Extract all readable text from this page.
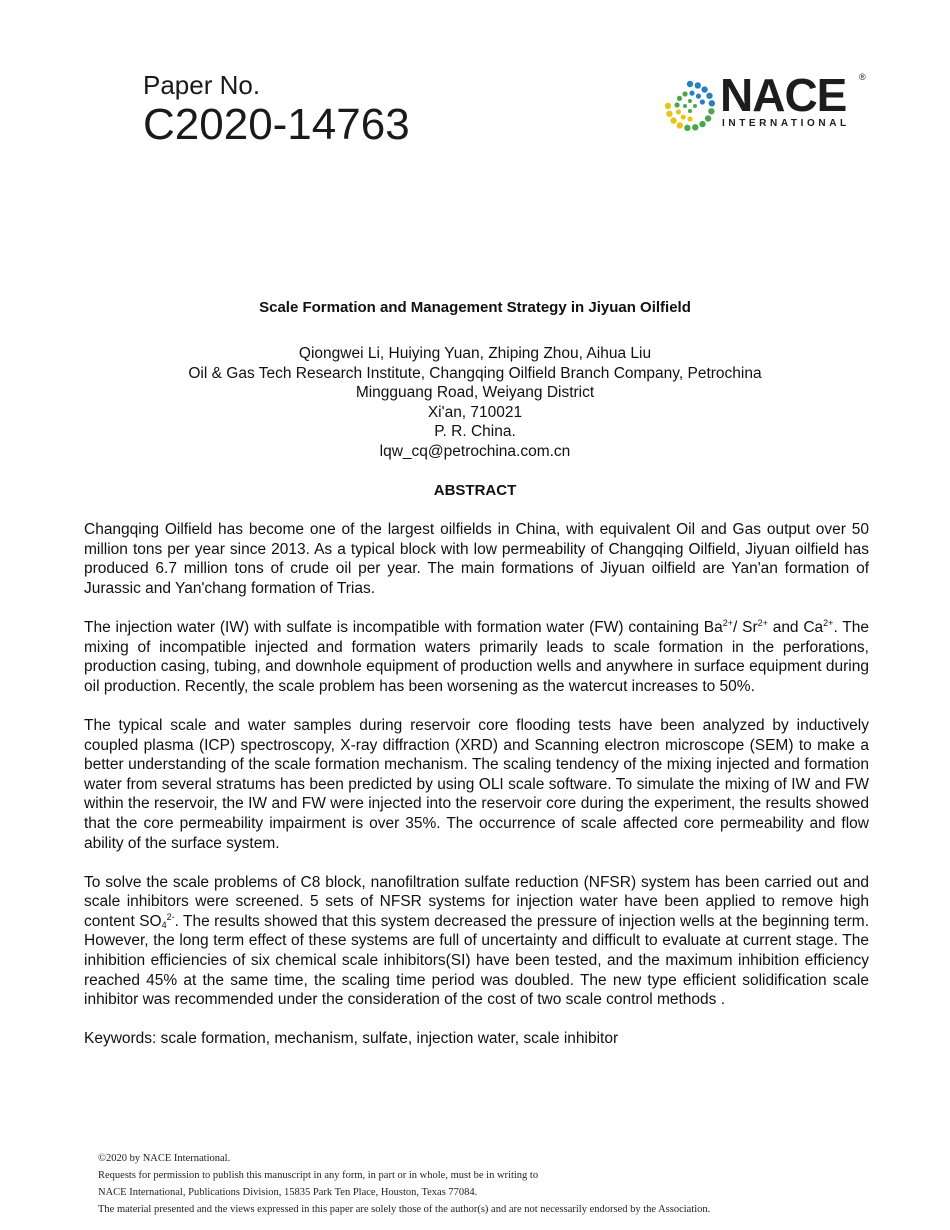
Paper No.
C2020-14763
NACE ®
INTERNATIONAL
Scale Formation and Management Strategy in Jiyuan Oilfield
Qiongwei Li, Huiying Yuan, Zhiping Zhou, Aihua Liu
Oil & Gas Tech Research Institute, Changqing Oilfield Branch Company, Petrochina
Mingguang Road, Weiyang District
Xi'an, 710021
P. R. China.
lqw_cq@petrochina.com.cn
ABSTRACT

Changqing Oilfield has become one of the largest oilfields in China, with equivalent Oil and Gas output over 50 million tons per year since 2013. As a typical block with low permeability of Changqing Oilfield, Jiyuan oilfield has produced 6.7 million tons of crude oil per year. The main formations of Jiyuan oilfield are Yan'an formation of Jurassic and Yan'chang formation of Trias.

The injection water (IW) with sulfate is incompatible with formation water (FW) containing $Ba^{2+}/$ $Sr^{2+}$ and $Ca^{2+}$. The mixing of incompatible injected and formation waters primarily leads to scale formation in the perforations, production casing, tubing, and downhole equipment of production wells and anywhere in surface equipment during oil production. Recently, the scale problem has been worsening as the watercut increases to 50%.

The typical scale and water samples during reservoir core flooding tests have been analyzed by inductively coupled plasma (ICP) spectroscopy, X-ray diffraction (XRD) and Scanning electron microscope (SEM) to make a better understanding of the scale formation mechanism. The scaling tendency of the mixing injected and formation water from several stratums has been predicted by using OLI scale software. To simulate the mixing of IW and FW within the reservoir, the IW and FW were injected into the reservoir core during the experiment, the results showed that the core permeability impairment is over 35%. The occurrence of scale affected core permeability and flow ability of the surface system.

To solve the scale problems of C8 block, nanofiltration sulfate reduction (NFSR) system has been carried out and scale inhibitors were screened. 5 sets of NFSR systems for injection water have been applied to remove high content $SO_4^{2-}$. The results showed that this system decreased the pressure of injection wells at the beginning term. However, the long term effect of these systems are full of uncertainty and difficult to evaluate at current stage. The inhibition efficiencies of six chemical scale inhibitors(SI) have been tested, and the maximum inhibition efficiency reached 45% at the same time, the scaling time period was doubled. The new type efficient solidification scale inhibitor was recommended under the consideration of the cost of two scale control methods .

Keywords: scale formation, mechanism, sulfate, injection water, scale inhibitor

©2020 by NACE International.
Requests for permission to publish this manuscript in any form, in part or in whole, must be in writing to
NACE International, Publications Division, 15835 Park Ten Place, Houston, Texas 77084.
The material presented and the views expressed in this paper are solely those of the author(s) and are not necessarily endorsed by the Association.
